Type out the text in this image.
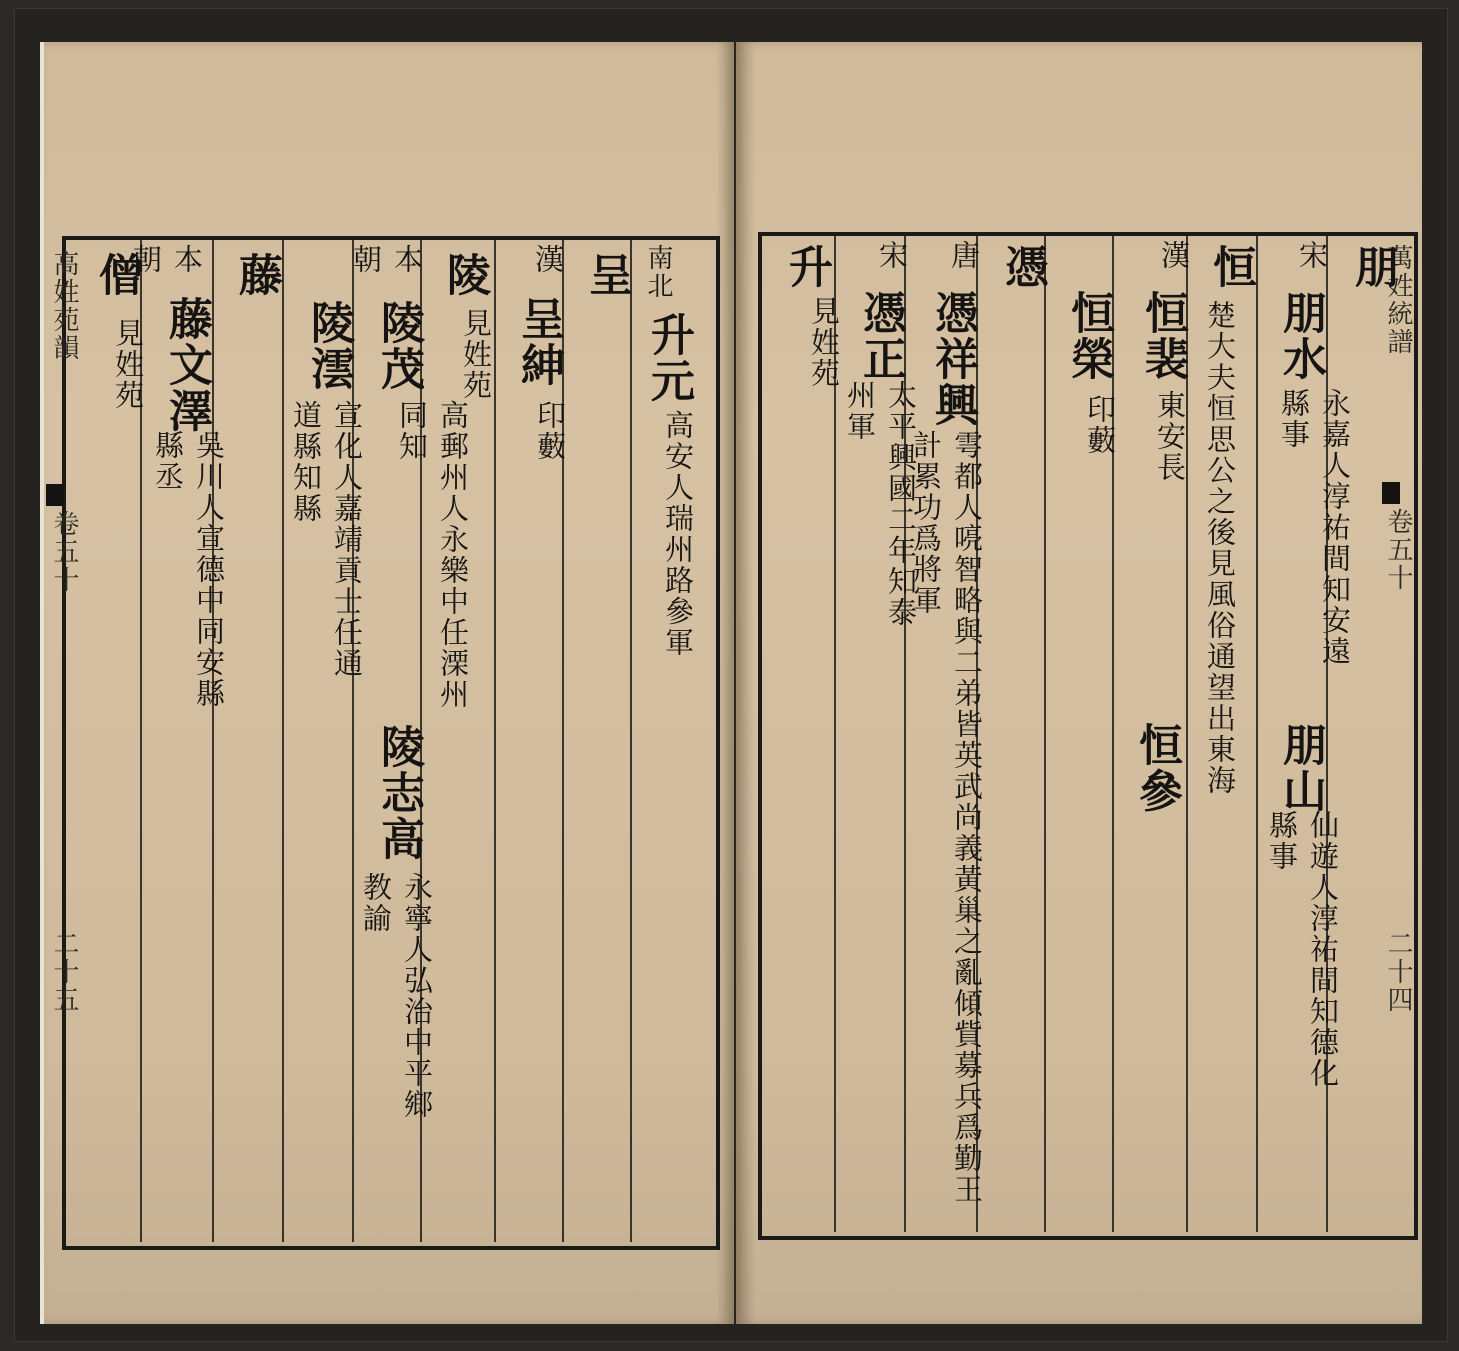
高姓苑韻
卷五十
二十五
南北
升元
高安人瑞州路參軍
呈
漢
呈紳
印藪
陵
見姓苑
本朝
陵茂
高郵州人永樂中任溧州同知
陵澐
宣化人嘉靖貢士任通道縣知縣
陵志高
永寧人弘治中平鄉教諭
藤
本朝
藤文澤
吳川人宣德中同安縣縣丞
僧
見姓苑
萬姓統譜
卷五十
二十四
朋
宋
朋水
永嘉人淳祐間知安遠縣事
朋山
仙遊人淳祐間知德化縣事
恒
楚大夫恒思公之後見風俗通望出東海
漢
恒裴
東安長
恒參
恒榮
印藪
憑
唐
憑祥興
雩都人喨智略與二弟皆英武尚義黃巢之亂傾貲募兵爲勤王計累功爲將軍
宋
憑正
太平興國二年知泰州軍
升
見姓苑
